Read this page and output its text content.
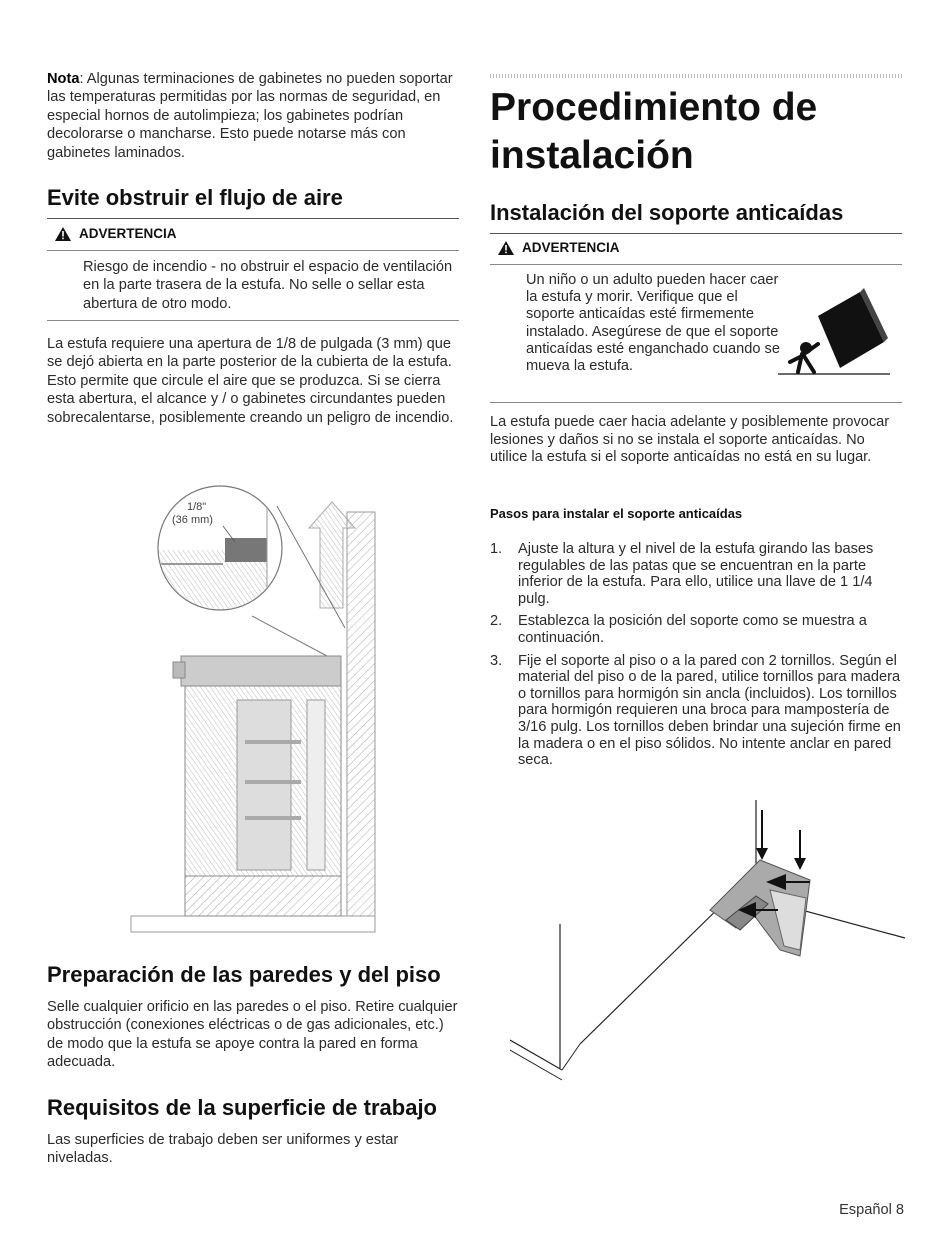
Nota: Algunas terminaciones de gabinetes no pueden soportar las temperaturas permitidas por las normas de seguridad, en especial hornos de autolimpieza; los gabinetes podrían decolorarse o mancharse. Esto puede notarse más con gabinetes laminados.

Evite obstruir el flujo de aire
ADVERTENCIA

Riesgo de incendio - no obstruir el espacio de ventilación en la parte trasera de la estufa. No selle o sellar esta abertura de otro modo.

La estufa requiere una apertura de 1/8 de pulgada (3 mm) que se dejó abierta en la parte posterior de la cubierta de la estufa. Esto permite que circule el aire que se produzca. Si se cierra esta abertura, el alcance y / o gabinetes circundantes pueden sobrecalentarse, posiblemente creando un peligro de incendio.

1/8"
(36 mm)
Preparación de las paredes y del piso

Selle cualquier orificio en las paredes o el piso. Retire cualquier obstrucción (conexiones eléctricas o de gas adicionales, etc.) de modo que la estufa se apoye contra la pared en forma adecuada.

Requisitos de la superficie de trabajo

Las superficies de trabajo deben ser uniformes y estar niveladas.

Procedimiento de instalación
Instalación del soporte anticaídas
ADVERTENCIA

Un niño o un adulto pueden hacer caer la estufa y morir. Verifique que el soporte anticaídas esté firmemente instalado. Asegúrese de que el soporte anticaídas esté enganchado cuando se mueva la estufa.

La estufa puede caer hacia adelante y posiblemente provocar lesiones y daños si no se instala el soporte anticaídas. No utilice la estufa si el soporte anticaídas no está en su lugar.

Pasos para instalar el soporte anticaídas
1. Ajuste la altura y el nivel de la estufa girando las bases regulables de las patas que se encuentran en la parte inferior de la estufa. Para ello, utilice una llave de 1 1/4 pulg.
2. Establezca la posición del soporte como se muestra a continuación.
3. Fije el soporte al piso o a la pared con 2 tornillos. Según el material del piso o de la pared, utilice tornillos para madera o tornillos para hormigón sin ancla (incluidos). Los tornillos para hormigón requieren una broca para mampostería de 3/16 pulg. Los tornillos deben brindar una sujeción firme en la madera o en el piso sólidos. No intente anclar en pared seca.
Español 8
